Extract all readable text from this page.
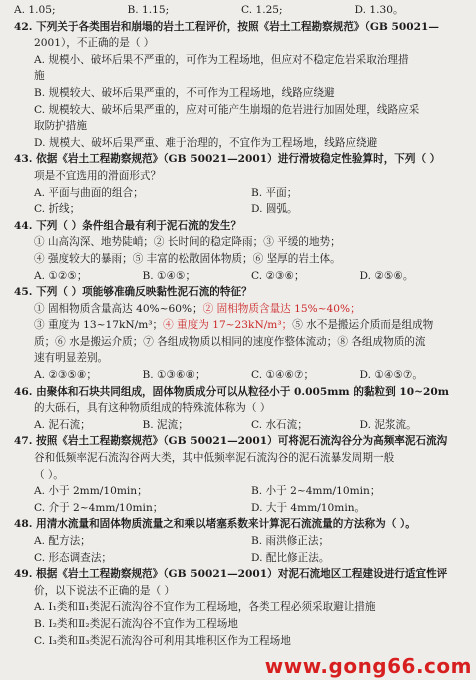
A. 1.05;	B. 1.15;	C. 1.25;	D. 1.30。
42. 下列关于各类围岩和崩塌的岩土工程评价，按照《岩土工程勘察规范》（GB 50021—
2001），不正确的是（ ）
A. 规模小、破坏后果不严重的，可作为工程场地，但应对不稳定危岩采取治理措
施
B. 规模较大、破坏后果严重的，不可作为工程场地，线路应绕避
C. 规模较大、破坏后果严重的，应对可能产生崩塌的危岩进行加固处理，线路应采
取防护措施
D. 规模大、破坏后果严重、难于治理的，不宜作为工程场地，线路应绕避
43. 依据《岩土工程勘察规范》（GB 50021—2001）进行滑坡稳定性验算时，下列（ ）
项是不宜选用的滑面形式？
A. 平面与曲面的组合；	B. 平面；
C. 折线；	D. 圆弧。
44. 下列（ ）条件组合最有利于泥石流的发生？
① 山高沟深、地势陡峭；② 长时间的稳定降雨；③ 平缓的地势；
④ 强度较大的暴雨；⑤ 丰富的松散固体物质；⑥ 坚厚的岩土体。
A. ①②⑤；	B. ①④⑤；	C. ②③⑥；	D. ②⑤⑥。
45. 下列（ ）项能够准确反映黏性泥石流的特征？
① 固相物质含量高达 40%~60%；② 固相物质含量达 15%~40%；
③ 重度为 13~17kN/m³；④ 重度为 17~23kN/m³；⑤ 水不是搬运介质而是组成物
质；⑥ 水是搬运介质；⑦ 各组成物质以相同的速度作整体流动；⑧ 各组成物质的流
速有明显差别。
A. ②③⑤⑧；	B. ①③⑥⑧；	C. ①④⑥⑦；	D. ①④⑤⑦。
46. 由聚体和石块共同组成，固体物质成分可以从粒径小于 0.005mm 的黏粒到 10~20m
的大砾石，具有这种物质组成的特殊流体称为（ ）
A. 泥石流；	B. 泥流；	C. 水石流；	D. 泥浆流。
47. 按照《岩土工程勘察规范》（GB 50021—2001）可将泥石流沟谷分为高频率泥石流沟
谷和低频率泥石流沟谷两大类，其中低频率泥石流沟谷的泥石流暴发周期一般
（ ）。
A. 小于 2mm/10min；	B. 小于 2~4mm/10min；
C. 介于 2~4mm/10min；	D. 大于 4mm/10min。
48. 用清水流量和固体物质流量之和乘以堵塞系数来计算泥石流流量的方法称为（ ）。
A. 配方法；	B. 雨洪修正法；
C. 形态调查法；	D. 配比修正法。
49. 根据《岩土工程勘察规范》（GB 50021—2001）对泥石流地区工程建设进行适宜性评
价，以下说法不正确的是（ ）
A. Ⅰ₁类和Ⅱ₁类泥石流沟谷不宜作为工程场地，各类工程必须采取避让措施
B. Ⅰ₂类和Ⅱ₂类泥石流沟谷不宜作为工程场地
C. Ⅰ₃类和Ⅱ₃类泥石流沟谷可利用其堆积区作为工程场地
www.gong66.com
